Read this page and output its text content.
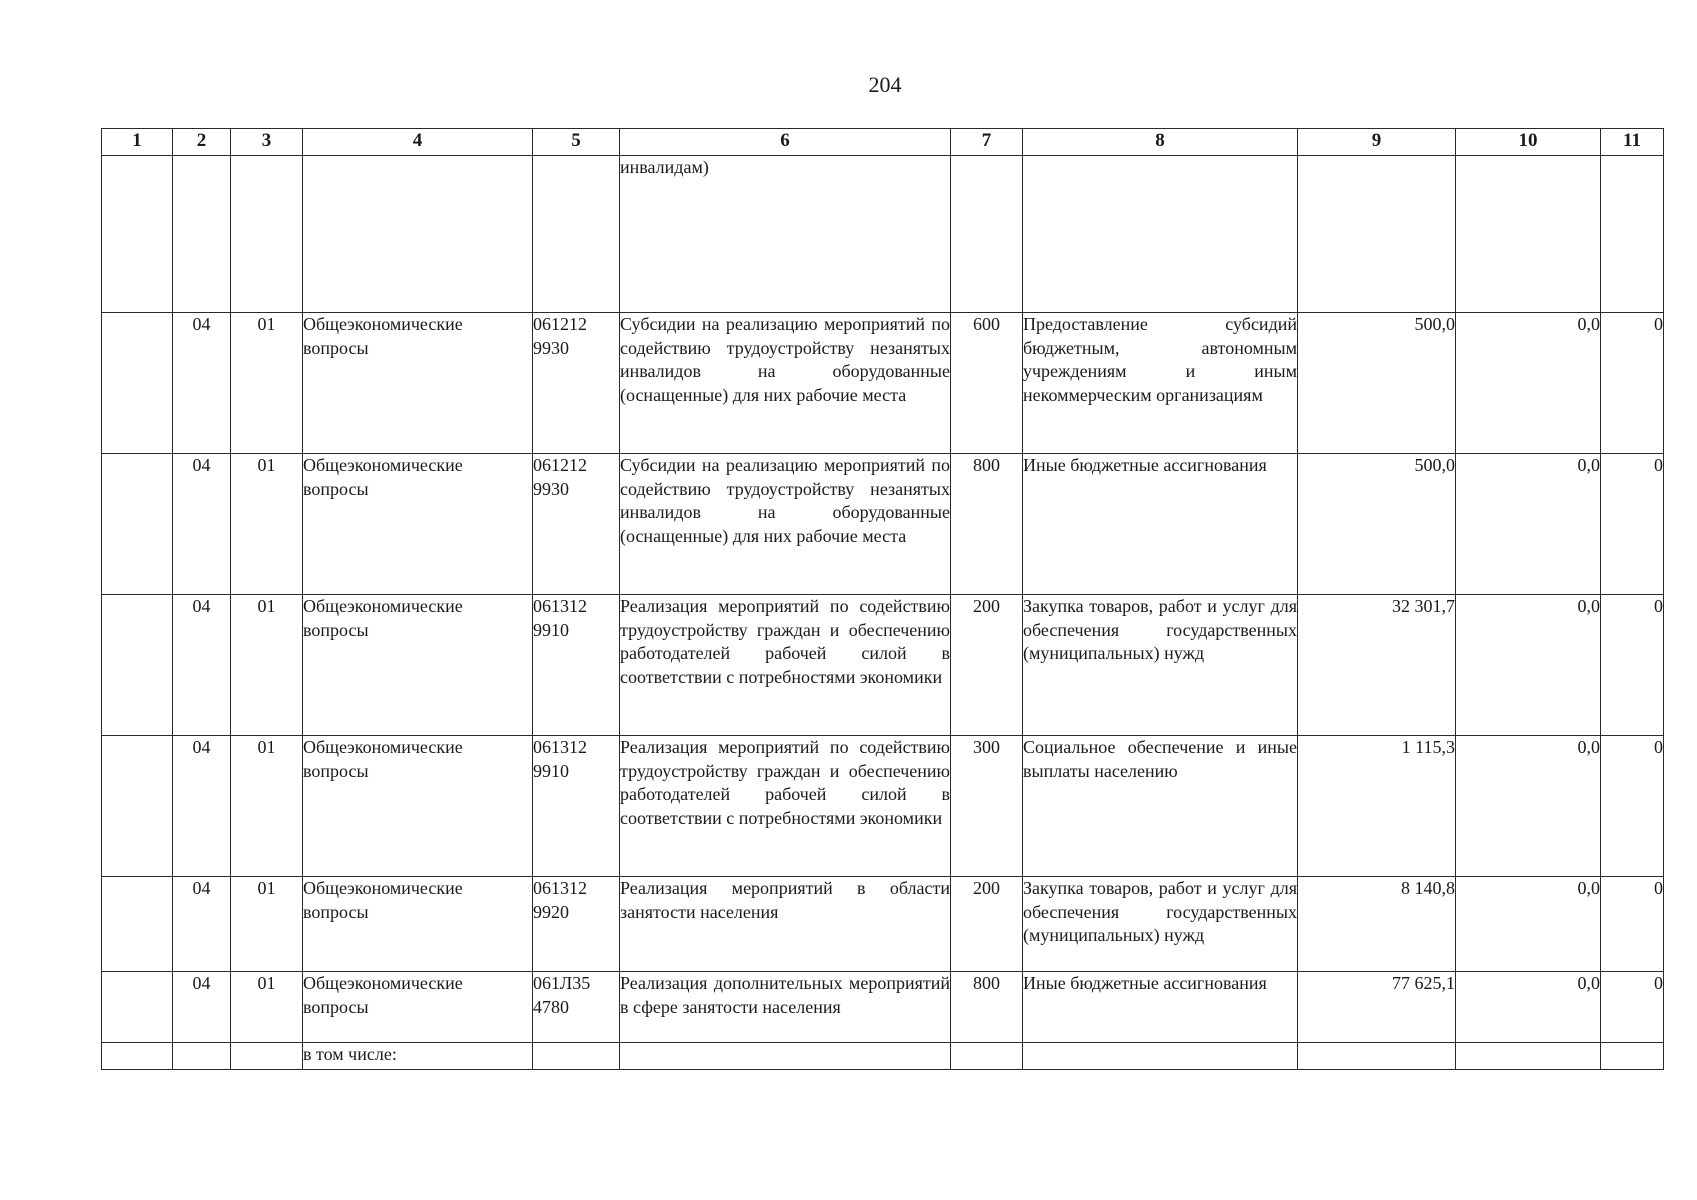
204
1	2	3	4	5	6	7	8	9	10	11
					инвалидам)					
	04	01	Общеэкономические вопросы	061212 9930	Субсидии на реализацию мероприятий по содействию трудоустройству незанятых инвалидов на оборудованные (оснащенные) для них рабочие места	600	Предоставление субсидий бюджетным, автономным учреждениям и иным некоммерческим организациям	500,0	0,0	0
	04	01	Общеэкономические вопросы	061212 9930	Субсидии на реализацию мероприятий по содействию трудоустройству незанятых инвалидов на оборудованные (оснащенные) для них рабочие места	800	Иные бюджетные ассигнования	500,0	0,0	0
	04	01	Общеэкономические вопросы	061312 9910	Реализация мероприятий по содействию трудоустройству граждан и обеспечению работодателей рабочей силой в соответствии с потребностями экономики	200	Закупка товаров, работ и услуг для обеспечения государственных (муниципальных) нужд	32 301,7	0,0	0
	04	01	Общеэкономические вопросы	061312 9910	Реализация мероприятий по содействию трудоустройству граждан и обеспечению работодателей рабочей силой в соответствии с потребностями экономики	300	Социальное обеспечение и иные выплаты населению	1 115,3	0,0	0
	04	01	Общеэкономические вопросы	061312 9920	Реализация мероприятий в области занятости населения	200	Закупка товаров, работ и услуг для обеспечения государственных (муниципальных) нужд	8 140,8	0,0	0
	04	01	Общеэкономические вопросы	061Л35 4780	Реализация дополнительных мероприятий в сфере занятости населения	800	Иные бюджетные ассигнования	77 625,1	0,0	0
			в том числе:							
